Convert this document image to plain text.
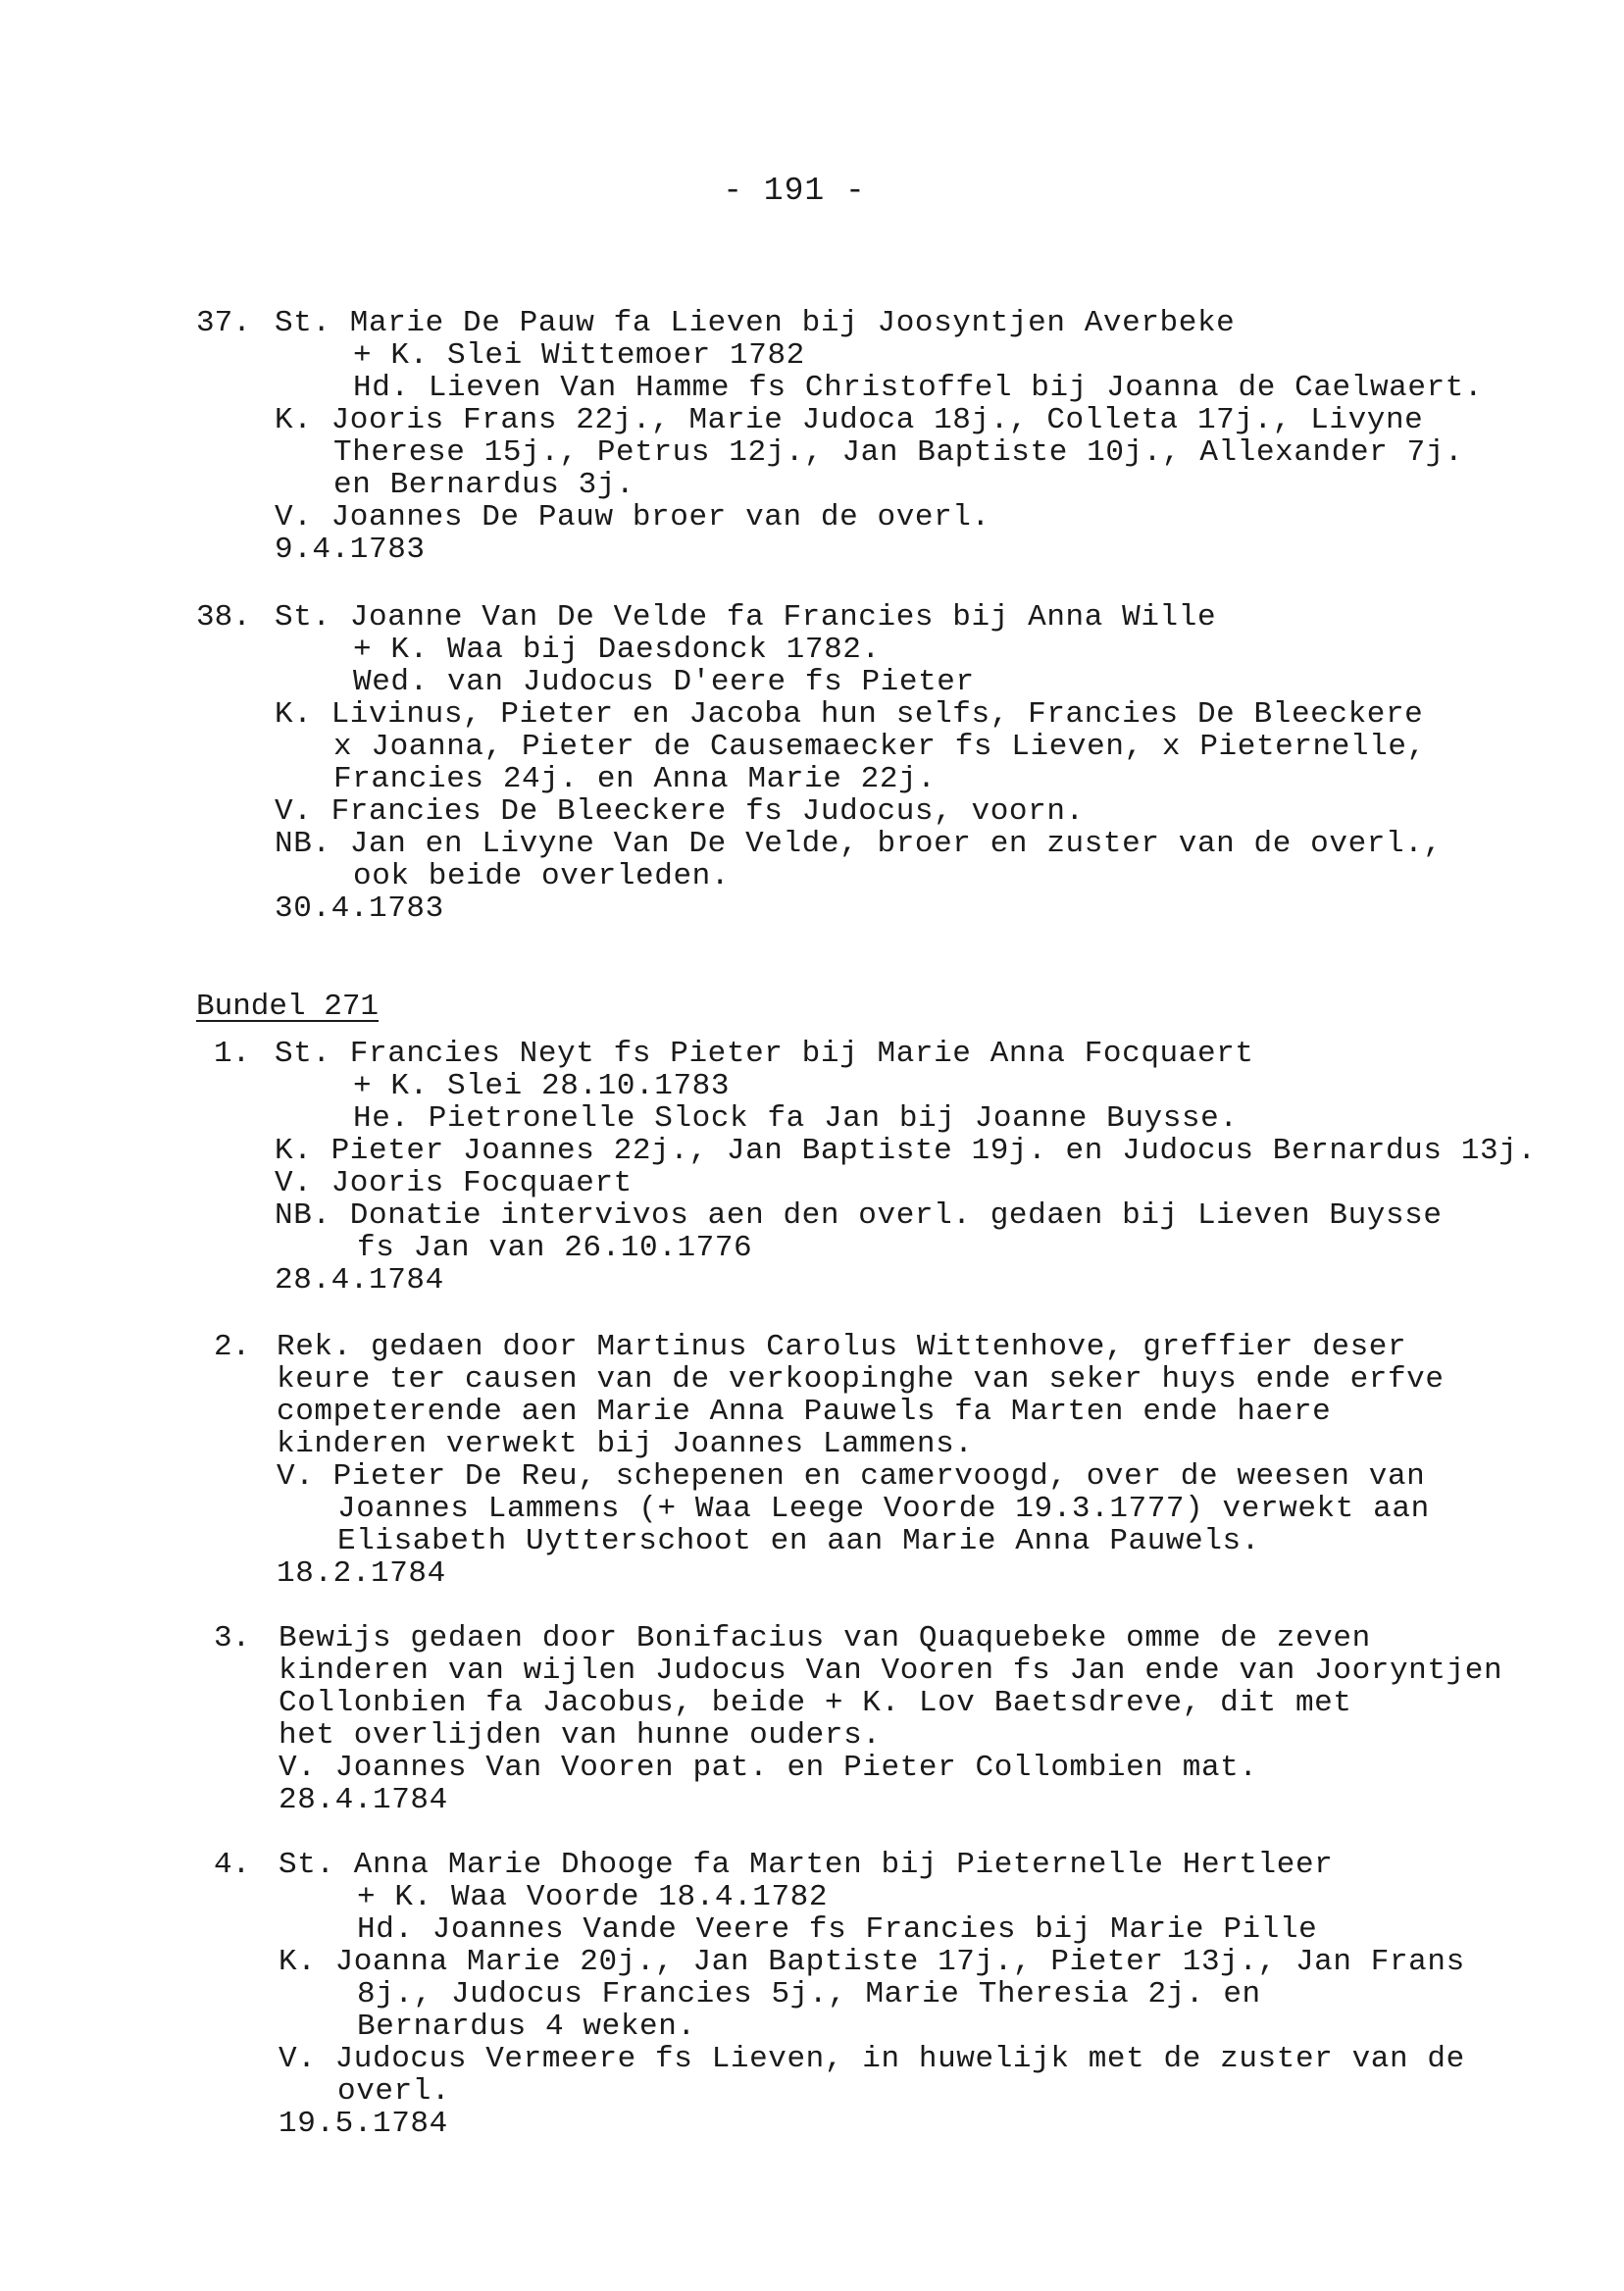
- 191 -
37. St. Marie De Pauw fa Lieven bij Joosyntjen Averbeke
+ K. Slei Wittemoer 1782
Hd. Lieven Van Hamme fs Christoffel bij Joanna de Caelwaert.
K. Jooris Frans 22j., Marie Judoca 18j., Colleta 17j., Livyne
Therese 15j., Petrus 12j., Jan Baptiste 10j., Allexander 7j.
en Bernardus 3j.
V. Joannes De Pauw broer van de overl.
9.4.1783
38. St. Joanne Van De Velde fa Francies bij Anna Wille
+ K. Waa bij Daesdonck 1782.
Wed. van Judocus D'eere fs Pieter
K. Livinus, Pieter en Jacoba hun selfs, Francies De Bleeckere
x Joanna, Pieter de Causemaecker fs Lieven, x Pieternelle,
Francies 24j. en Anna Marie 22j.
V. Francies De Bleeckere fs Judocus, voorn.
NB. Jan en Livyne Van De Velde, broer en zuster van de overl.,
ook beide overleden.
30.4.1783
Bundel 271
1. St. Francies Neyt fs Pieter bij Marie Anna Focquaert
+ K. Slei 28.10.1783
He. Pietronelle Slock fa Jan bij Joanne Buysse.
K. Pieter Joannes 22j., Jan Baptiste 19j. en Judocus Bernardus 13j.
V. Jooris Focquaert
NB. Donatie intervivos aen den overl. gedaen bij Lieven Buysse
fs Jan van 26.10.1776
28.4.1784
2. Rek. gedaen door Martinus Carolus Wittenhove, greffier deser
keure ter causen van de verkoopinghe van seker huys ende erfve
competerende aen Marie Anna Pauwels fa Marten ende haere
kinderen verwekt bij Joannes Lammens.
V. Pieter De Reu, schepenen en camervoogd, over de weesen van
Joannes Lammens (+ Waa Leege Voorde 19.3.1777) verwekt aan
Elisabeth Uytterschoot en aan Marie Anna Pauwels.
18.2.1784
3. Bewijs gedaen door Bonifacius van Quaquebeke omme de zeven
kinderen van wijlen Judocus Van Vooren fs Jan ende van Jooryntjen
Collonbien fa Jacobus, beide + K. Lov Baetsdreve, dit met
het overlijden van hunne ouders.
V. Joannes Van Vooren pat. en Pieter Collombien mat.
28.4.1784
4. St. Anna Marie Dhooge fa Marten bij Pieternelle Hertleer
+ K. Waa Voorde 18.4.1782
Hd. Joannes Vande Veere fs Francies bij Marie Pille
K. Joanna Marie 20j., Jan Baptiste 17j., Pieter 13j., Jan Frans
8j., Judocus Francies 5j., Marie Theresia 2j. en
Bernardus 4 weken.
V. Judocus Vermeere fs Lieven, in huwelijk met de zuster van de
overl.
19.5.1784
